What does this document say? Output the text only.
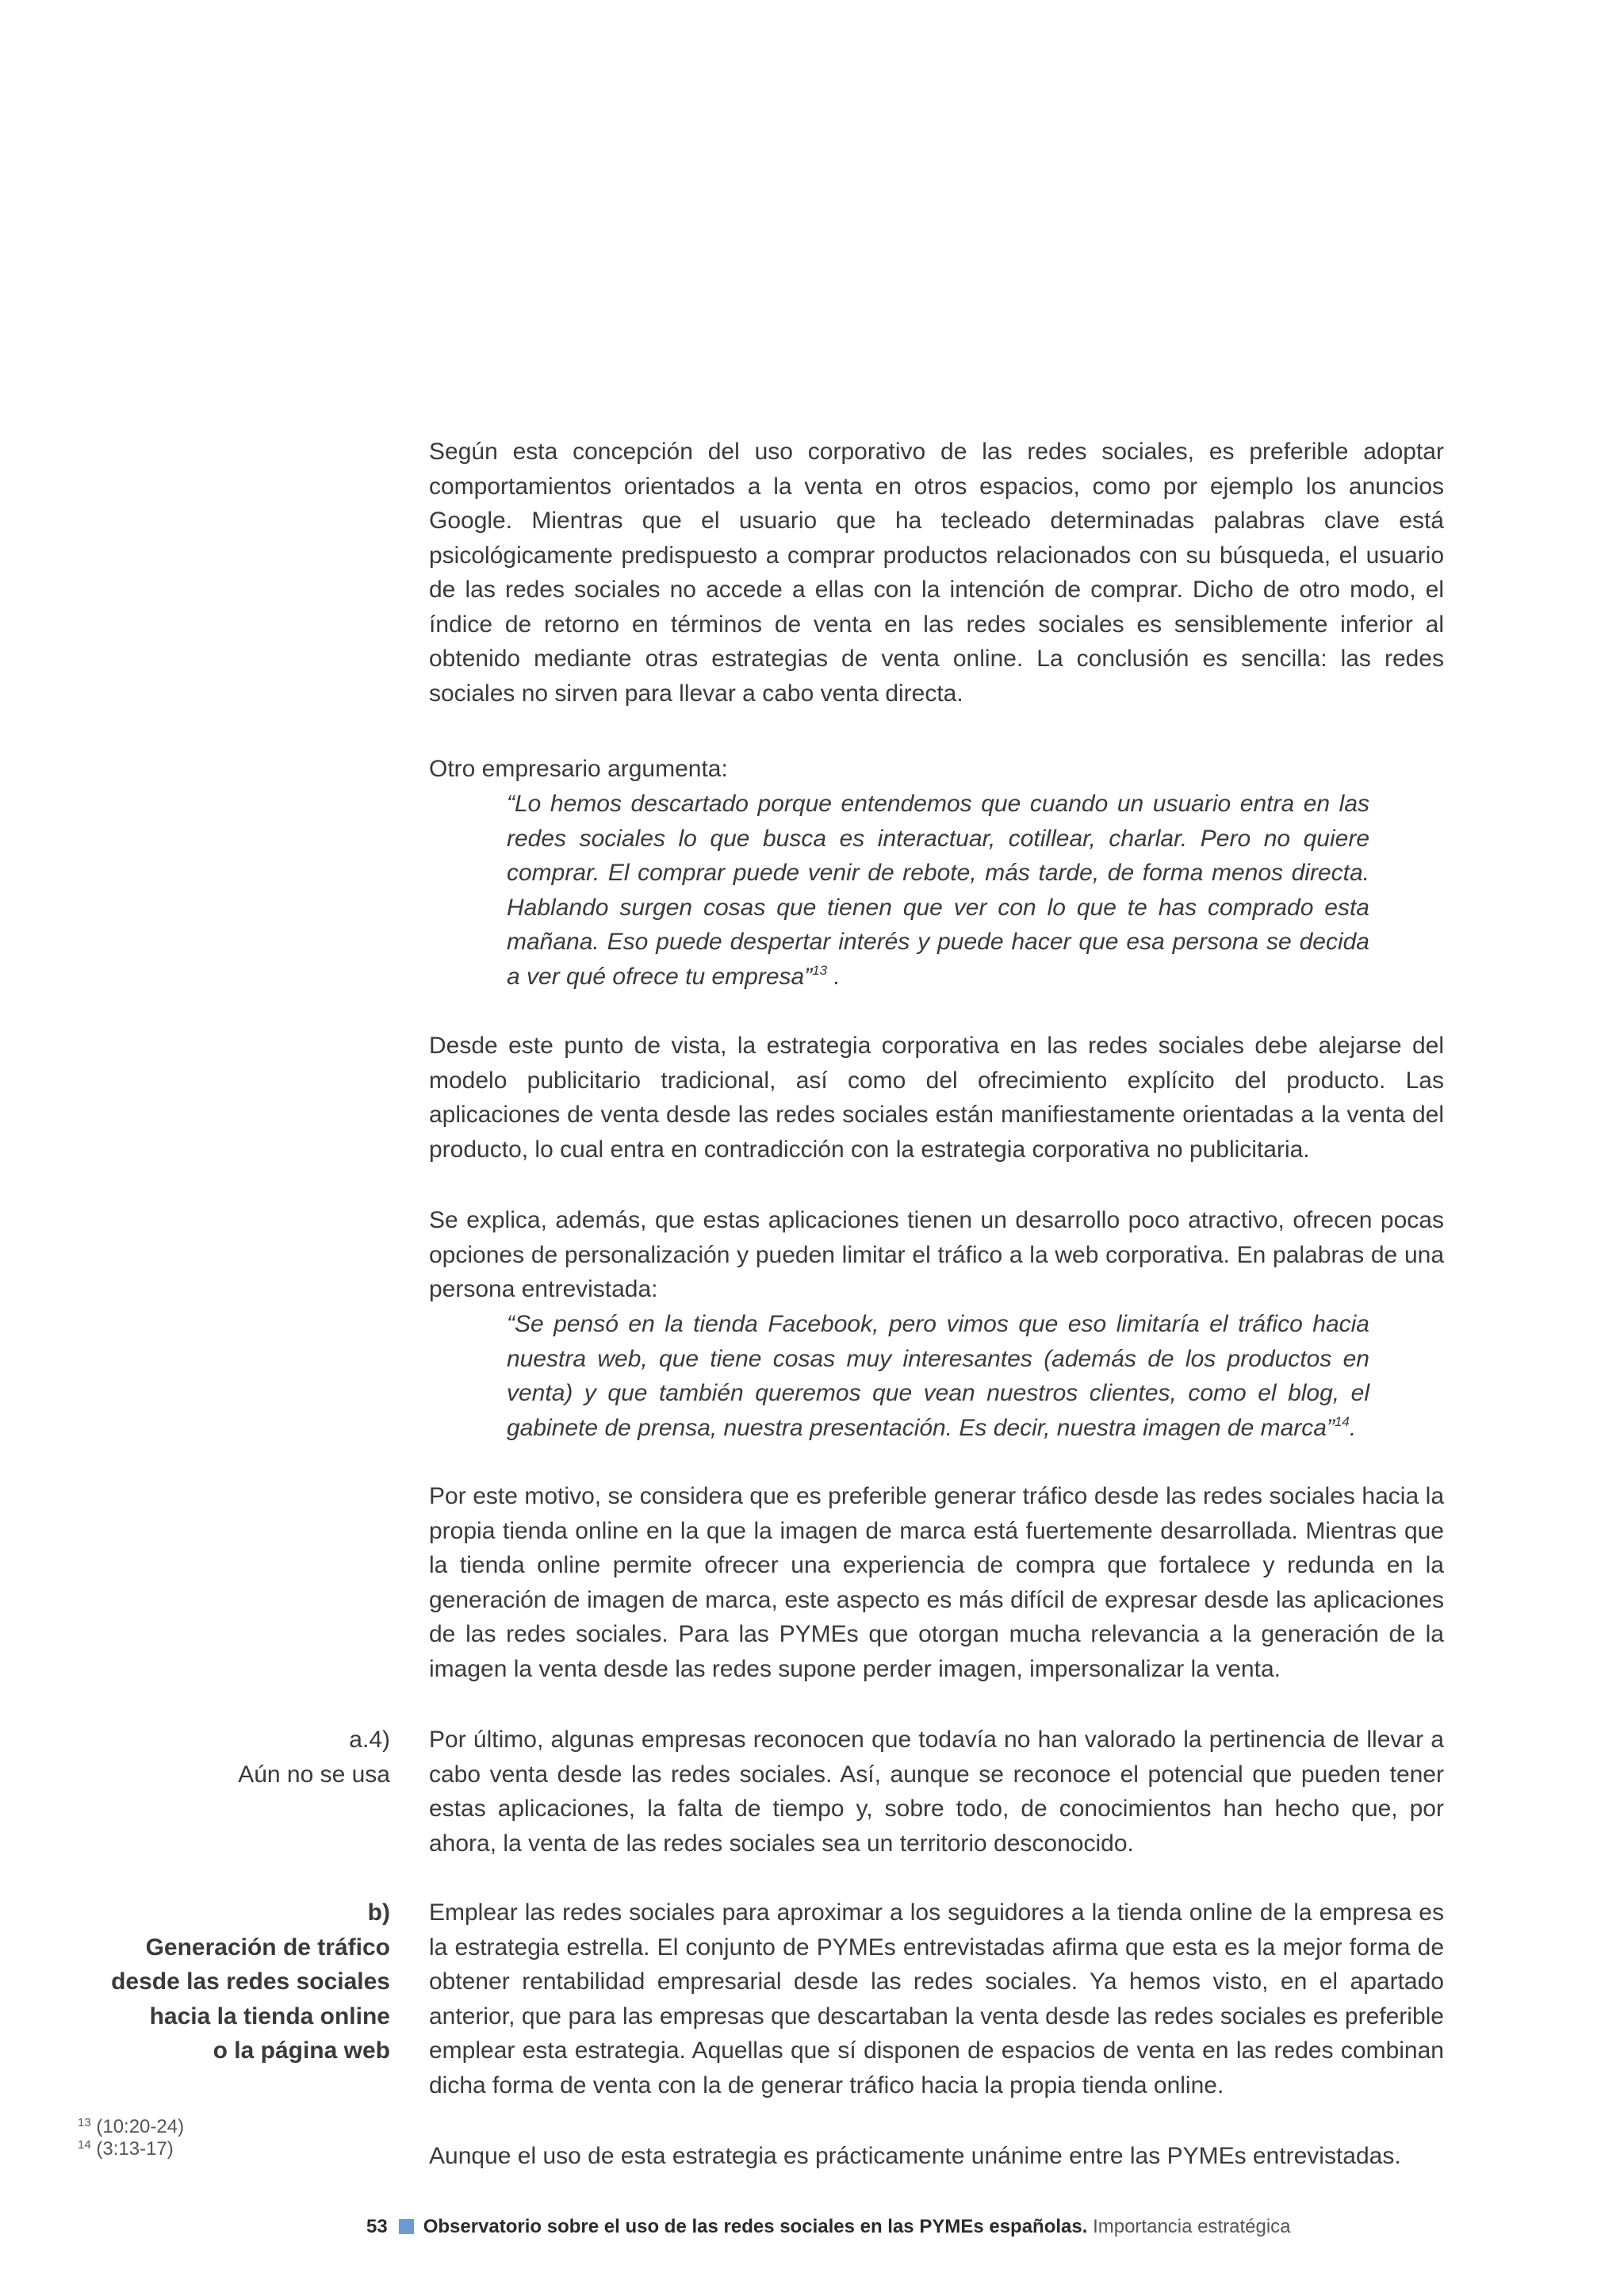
Según esta concepción del uso corporativo de las redes sociales, es preferible adoptar comportamientos orientados a la venta en otros espacios, como por ejemplo los anuncios Google. Mientras que el usuario que ha tecleado determinadas palabras clave está psicológicamente predispuesto a comprar productos relacionados con su búsqueda, el usuario de las redes sociales no accede a ellas con la intención de comprar. Dicho de otro modo, el índice de retorno en términos de venta en las redes sociales es sensiblemente inferior al obtenido mediante otras estrategias de venta online. La conclusión es sencilla: las redes sociales no sirven para llevar a cabo venta directa.

Otro empresario argumenta:

“Lo hemos descartado porque entendemos que cuando un usuario entra en las redes sociales lo que busca es interactuar, cotillear, charlar. Pero no quiere comprar. El comprar puede venir de rebote, más tarde, de forma menos directa. Hablando surgen cosas que tienen que ver con lo que te has comprado esta mañana. Eso puede despertar interés y puede hacer que esa persona se decida a ver qué ofrece tu empresa”$^{13}$ .

Desde este punto de vista, la estrategia corporativa en las redes sociales debe alejarse del modelo publicitario tradicional, así como del ofrecimiento explícito del producto. Las aplicaciones de venta desde las redes sociales están manifiestamente orientadas a la venta del producto, lo cual entra en contradicción con la estrategia corporativa no publicitaria.

Se explica, además, que estas aplicaciones tienen un desarrollo poco atractivo, ofrecen pocas opciones de personalización y pueden limitar el tráfico a la web corporativa. En palabras de una persona entrevistada:

“Se pensó en la tienda Facebook, pero vimos que eso limitaría el tráfico hacia nuestra web, que tiene cosas muy interesantes (además de los productos en venta) y que también queremos que vean nuestros clientes, como el blog, el gabinete de prensa, nuestra presentación. Es decir, nuestra imagen de marca”$^{14}$.

Por este motivo, se considera que es preferible generar tráfico desde las redes sociales hacia la propia tienda online en la que la imagen de marca está fuertemente desarrollada. Mientras que la tienda online permite ofrecer una experiencia de compra que fortalece y redunda en la generación de imagen de marca, este aspecto es más difícil de expresar desde las aplicaciones de las redes sociales. Para las PYMEs que otorgan mucha relevancia a la generación de la imagen la venta desde las redes supone perder imagen, impersonalizar la venta.

Por último, algunas empresas reconocen que todavía no han valorado la pertinencia de llevar a cabo venta desde las redes sociales. Así, aunque se reconoce el potencial que pueden tener estas aplicaciones, la falta de tiempo y, sobre todo, de conocimientos han hecho que, por ahora, la venta de las redes sociales sea un territorio desconocido.

Emplear las redes sociales para aproximar a los seguidores a la tienda online de la empresa es la estrategia estrella. El conjunto de PYMEs entrevistadas afirma que esta es la mejor forma de obtener rentabilidad empresarial desde las redes sociales. Ya hemos visto, en el apartado anterior, que para las empresas que descartaban la venta desde las redes sociales es preferible emplear esta estrategia. Aquellas que sí disponen de espacios de venta en las redes combinan dicha forma de venta con la de generar tráfico hacia la propia tienda online.

Aunque el uso de esta estrategia es prácticamente unánime entre las PYMEs entrevistadas.

a.4)

Aún no se usa

b)

Generación de tráfico

desde las redes sociales

hacia la tienda online

o la página web

$^{13}$ (10:20-24)
$^{14}$ (3:13-17)
53 Observatorio sobre el uso de las redes sociales en las PYMEs españolas. Importancia estratégica
